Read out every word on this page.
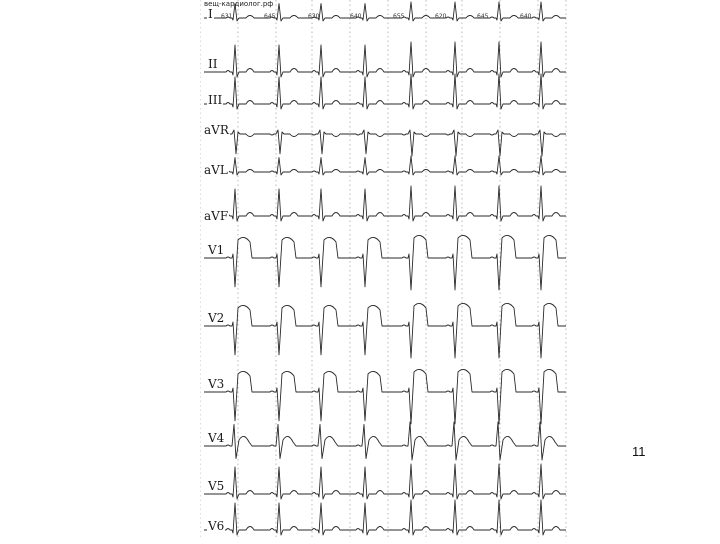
вещ-кардиолог.рф
I
II
III
aVR
aVL
aVF
V1
V2
V3
V4
V5
V6
631	645	630	640	655	620	645	640
11
